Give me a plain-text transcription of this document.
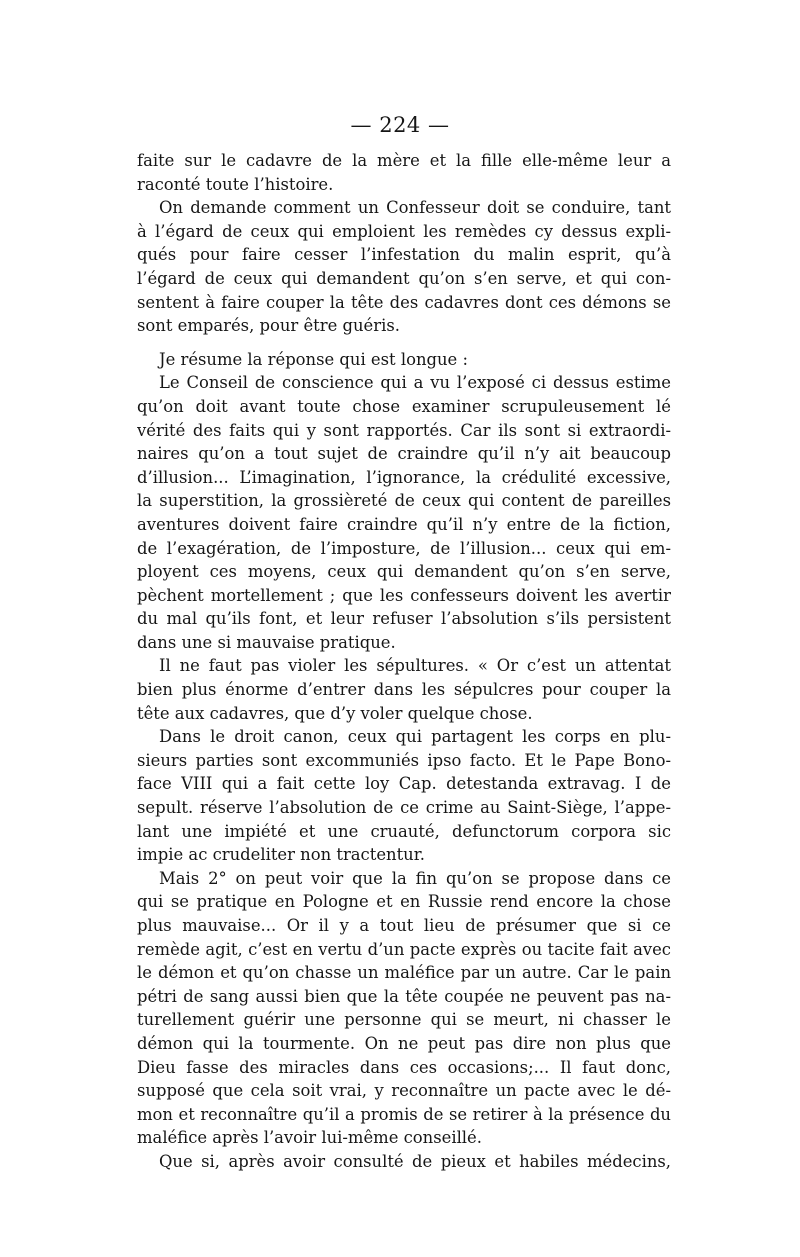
— 224 —
faite sur le cadavre de la mère et la fille elle-même leur a
raconté toute l’histoire.
On demande comment un Confesseur doit se conduire, tant
à l’égard de ceux qui emploient les remèdes cy dessus expli-
qués pour faire cesser l’infestation du malin esprit, qu’à
l’égard de ceux qui demandent qu’on s’en serve, et qui con-
sentent à faire couper la tête des cadavres dont ces démons se
sont emparés, pour être guéris.
Je résume la réponse qui est longue :
Le Conseil de conscience qui a vu l’exposé ci dessus estime
qu’on doit avant toute chose examiner scrupuleusement lé
vérité des faits qui y sont rapportés. Car ils sont si extraordi-
naires qu’on a tout sujet de craindre qu’il n’y ait beaucoup
d’illusion... L’imagination, l’ignorance, la crédulité excessive,
la superstition, la grossièreté de ceux qui content de pareilles
aventures doivent faire craindre qu’il n’y entre de la fiction,
de l’exagération, de l’imposture, de l’illusion... ceux qui em-
ployent ces moyens, ceux qui demandent qu’on s’en serve,
pèchent mortellement ; que les confesseurs doivent les avertir
du mal qu’ils font, et leur refuser l’absolution s’ils persistent
dans une si mauvaise pratique.
Il ne faut pas violer les sépultures. « Or c’est un attentat
bien plus énorme d’entrer dans les sépulcres pour couper la
tête aux cadavres, que d’y voler quelque chose.
Dans le droit canon, ceux qui partagent les corps en plu-
sieurs parties sont excommuniés ipso facto. Et le Pape Bono-
face VIII qui a fait cette loy Cap. detestanda extravag. I de
sepult. réserve l’absolution de ce crime au Saint-Siège, l’appe-
lant une impiété et une cruauté, defunctorum corpora sic
impie ac crudeliter non tractentur.
Mais 2° on peut voir que la fin qu’on se propose dans ce
qui se pratique en Pologne et en Russie rend encore la chose
plus mauvaise... Or il y a tout lieu de présumer que si ce
remède agit, c’est en vertu d’un pacte exprès ou tacite fait avec
le démon et qu’on chasse un maléfice par un autre. Car le pain
pétri de sang aussi bien que la tête coupée ne peuvent pas na-
turellement guérir une personne qui se meurt, ni chasser le
démon qui la tourmente. On ne peut pas dire non plus que
Dieu fasse des miracles dans ces occasions;... Il faut donc,
supposé que cela soit vrai, y reconnaître un pacte avec le dé-
mon et reconnaître qu’il a promis de se retirer à la présence du
maléfice après l’avoir lui-même conseillé.
Que si, après avoir consulté de pieux et habiles médecins,
